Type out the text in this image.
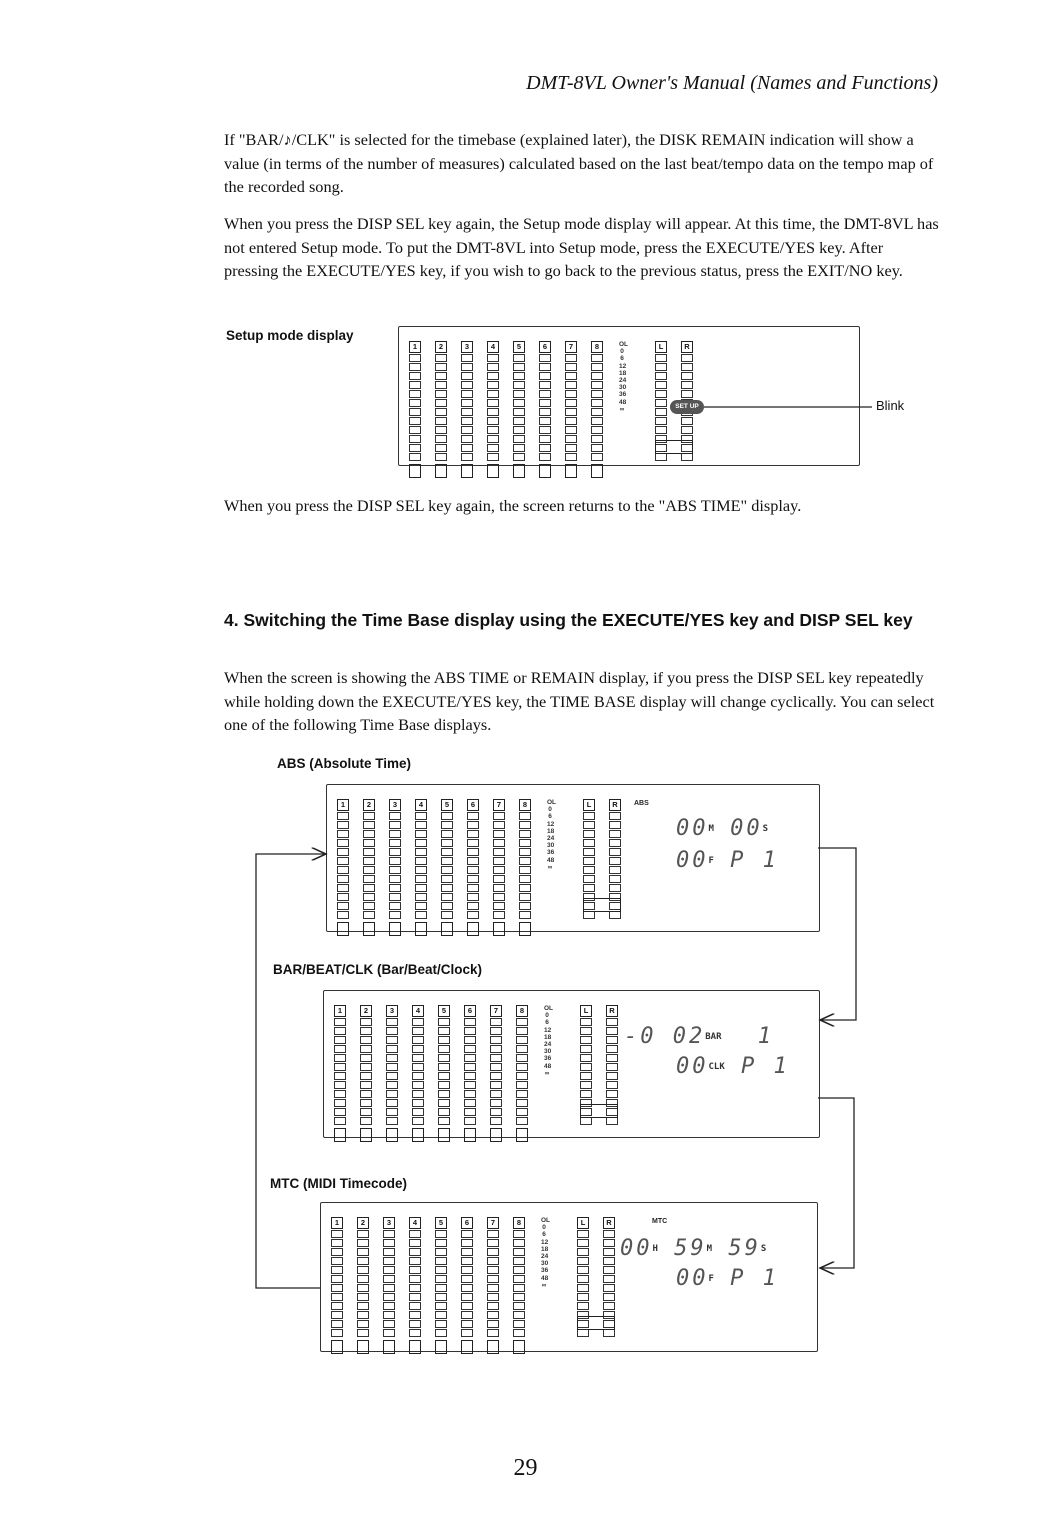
DMT-8VL Owner's Manual (Names and Functions)
If "BAR/♪/CLK" is selected for the timebase (explained later), the DISK REMAIN indication will show a value (in terms of the number of measures) calculated based on the last beat/tempo data on the tempo map of the recorded song.
When you press the DISP SEL key again, the Setup mode display will appear. At this time, the DMT-8VL has not entered Setup mode. To put the DMT-8VL into Setup mode, press the EXECUTE/YES key. After pressing the EXECUTE/YES key, if you wish to go back to the previous status, press the EXIT/NO key.
Setup mode display
1	2	3	4	5	6	7	8	L	R
OL
0
6
12
18
24
30
36
48
∞	SET UP	Blink
When you press the DISP SEL key again, the screen returns to the "ABS TIME" display.
4. Switching the Time Base display using the EXECUTE/YES key and DISP SEL key
When the screen is showing the ABS TIME or REMAIN display, if you press the DISP SEL key repeatedly while holding down the EXECUTE/YES key, the TIME BASE display will change cyclically. You can select one of the following Time Base displays.
ABS (Absolute Time)
1	2	3	4	5	6	7	8	L	R
OL
0
6
12
18
24
30
36
48
∞
ABS
00M 00S
00F P 1
BAR/BEAT/CLK (Bar/Beat/Clock)
1	2	3	4	5	6	7	8	L	R
OL
0
6
12
18
24
30
36
48
∞
-0 02BAR 1
00CLK P 1
MTC (MIDI Timecode)
1	2	3	4	5	6	7	8	L	R
OL
0
6
12
18
24
30
36
48
∞
MTC
00H 59M 59S
00F P 1
29
